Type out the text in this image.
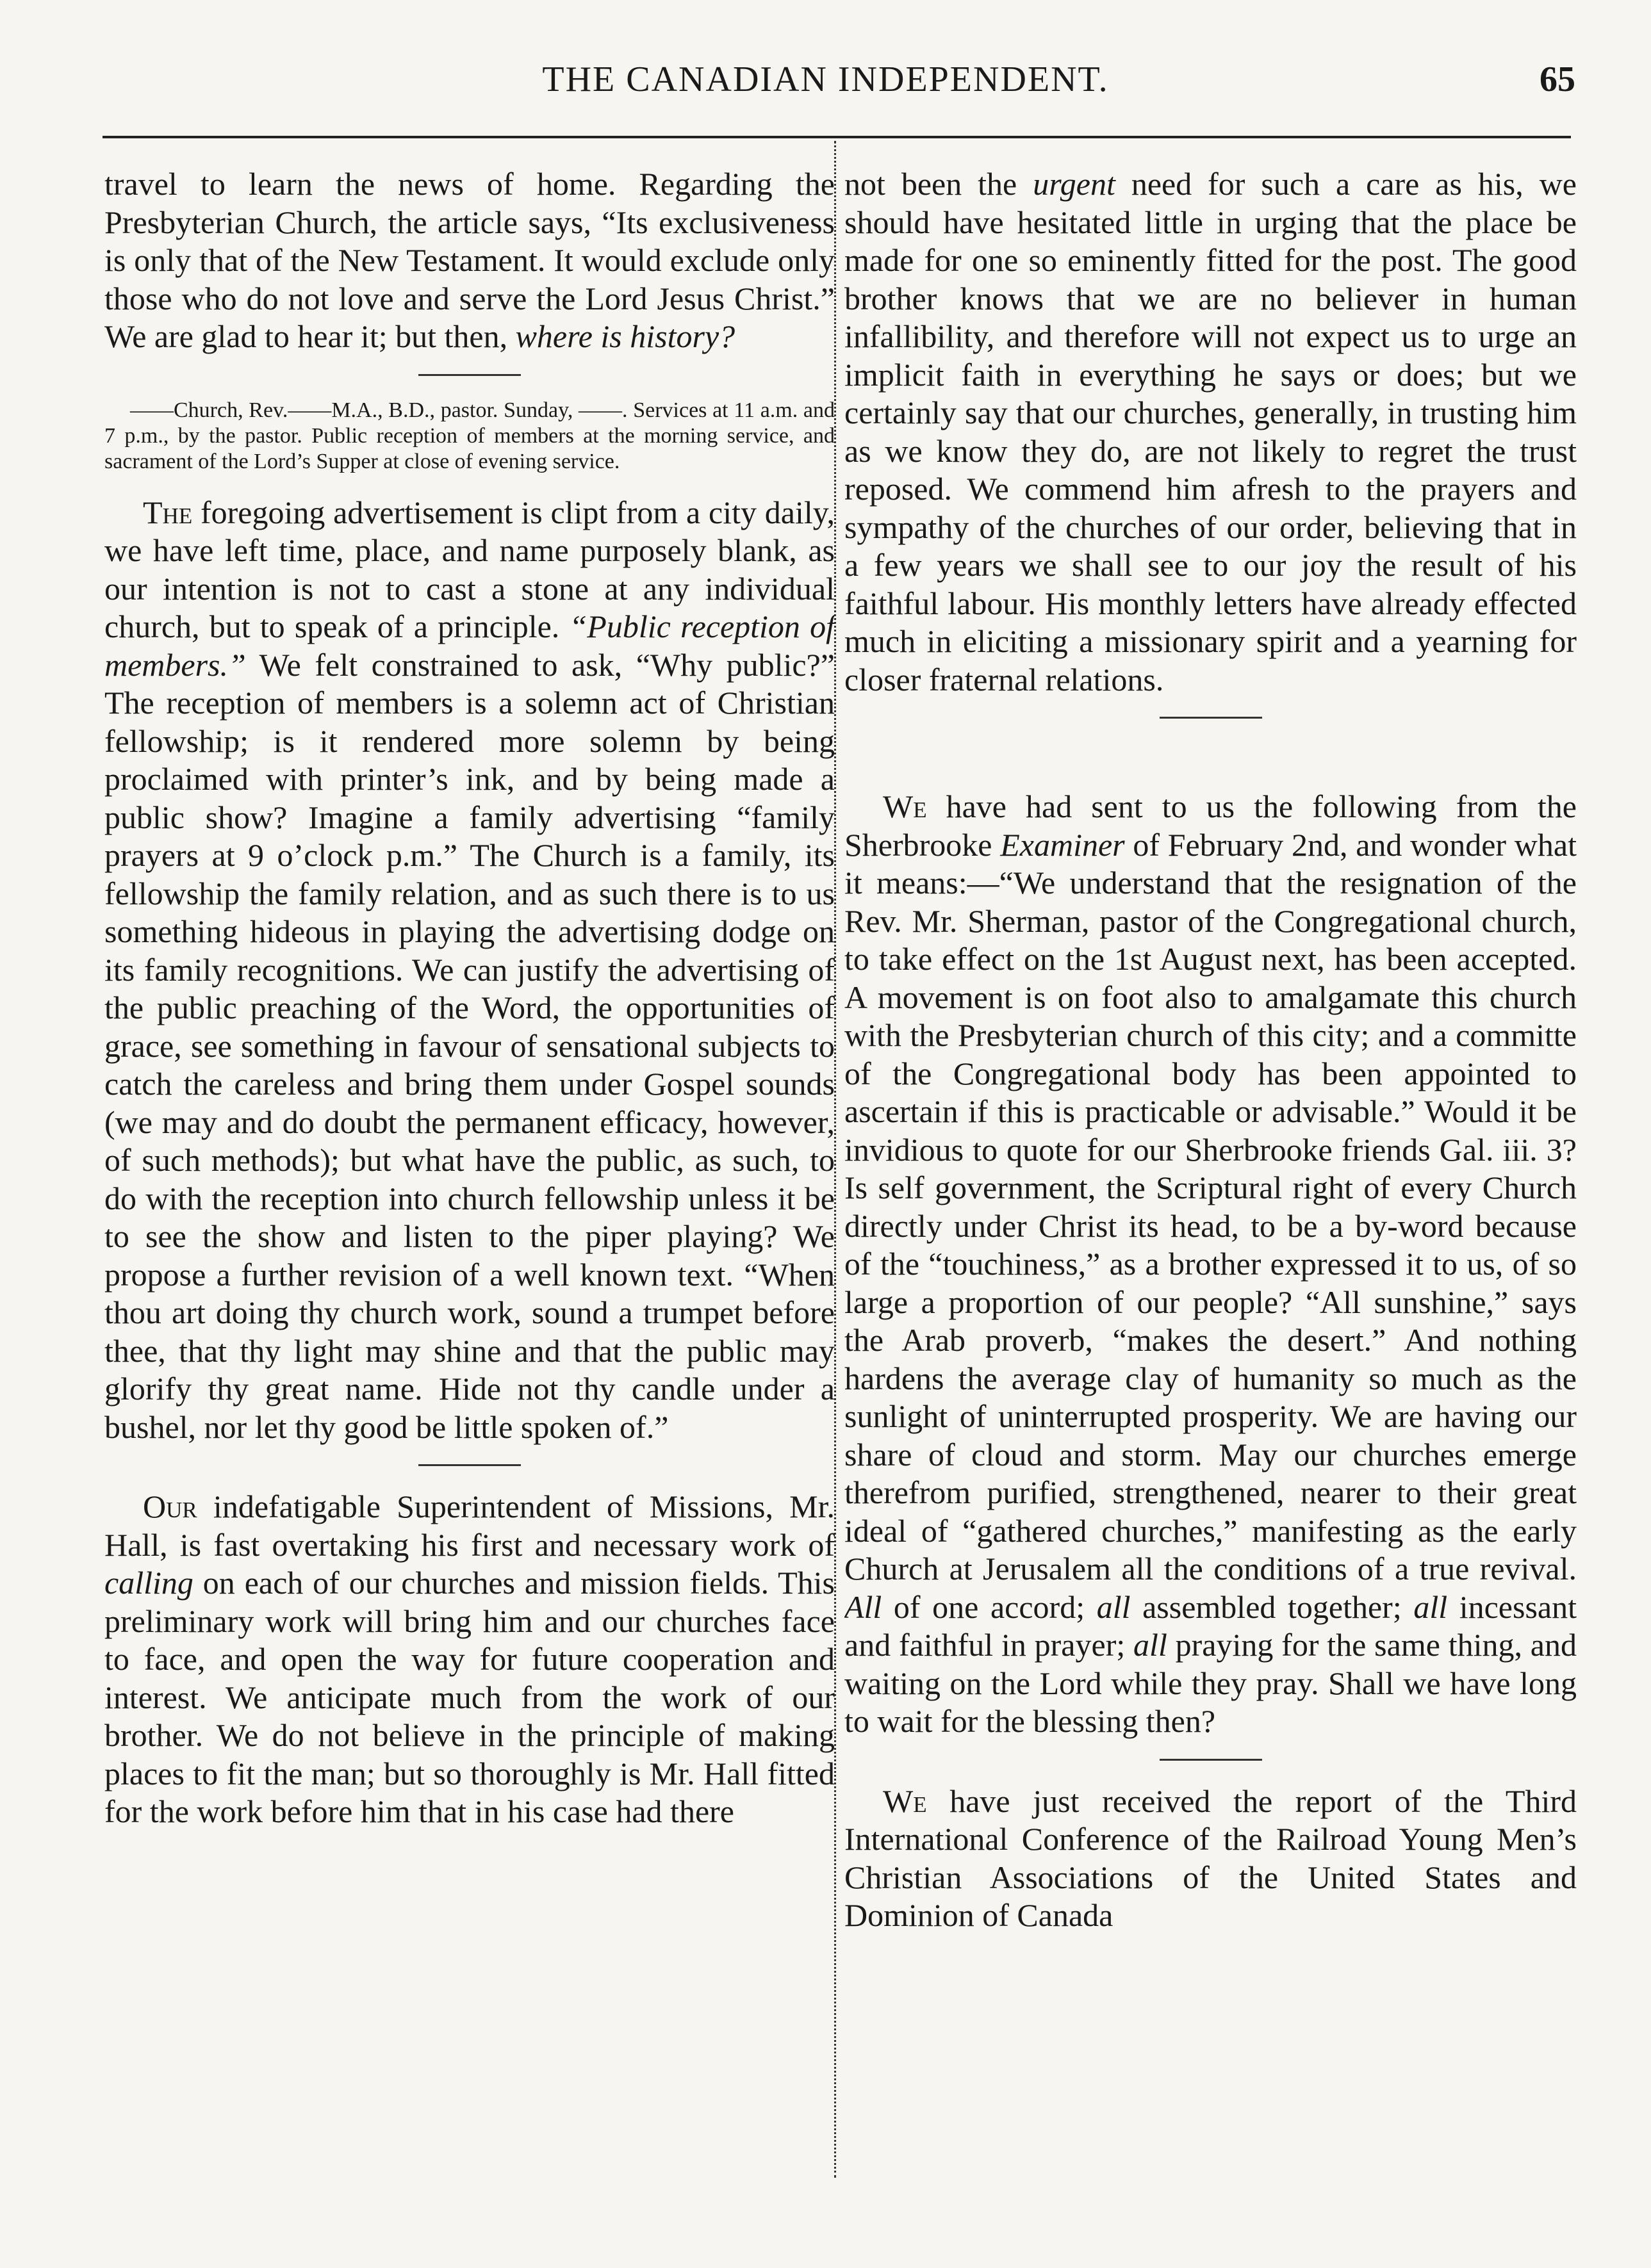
THE CANADIAN INDEPENDENT.	65

travel to learn the news of home. Regarding the Presbyterian Church, the article says, “Its exclusiveness is only that of the New Testament. It would exclude only those who do not love and serve the Lord Jesus Christ.” We are glad to hear it; but then, where is history?

——Church, Rev.——M.A., B.D., pastor. Sunday, ——. Services at 11 a.m. and 7 p.m., by the pastor. Public reception of members at the morning service, and sacrament of the Lord’s Supper at close of evening service.

The foregoing advertisement is clipt from a city daily, we have left time, place, and name purposely blank, as our intention is not to cast a stone at any individual church, but to speak of a principle. “Public reception of members.” We felt constrained to ask, “Why public?” The reception of members is a solemn act of Christian fellowship; is it rendered more solemn by being proclaimed with printer’s ink, and by being made a public show? Imagine a family advertising “family prayers at 9 o’clock p.m.” The Church is a family, its fellowship the family relation, and as such there is to us something hideous in playing the advertising dodge on its family recognitions. We can justify the advertising of the public preaching of the Word, the opportunities of grace, see something in favour of sensational subjects to catch the careless and bring them under Gospel sounds (we may and do doubt the permanent efficacy, however, of such methods); but what have the public, as such, to do with the reception into church fellowship unless it be to see the show and listen to the piper playing? We propose a further revision of a well known text. “When thou art doing thy church work, sound a trumpet before thee, that thy light may shine and that the public may glorify thy great name. Hide not thy candle under a bushel, nor let thy good be little spoken of.”

Our indefatigable Superintendent of Missions, Mr. Hall, is fast overtaking his first and necessary work of calling on each of our churches and mission fields. This preliminary work will bring him and our churches face to face, and open the way for future cooperation and interest. We anticipate much from the work of our brother. We do not believe in the principle of making places to fit the man; but so thoroughly is Mr. Hall fitted for the work before him that in his case had there

not been the urgent need for such a care as his, we should have hesitated little in urging that the place be made for one so eminently fitted for the post. The good brother knows that we are no believer in human infallibility, and therefore will not expect us to urge an implicit faith in everything he says or does; but we certainly say that our churches, generally, in trusting him as we know they do, are not likely to regret the trust reposed. We commend him afresh to the prayers and sympathy of the churches of our order, believing that in a few years we shall see to our joy the result of his faithful labour. His monthly letters have already effected much in eliciting a missionary spirit and a yearning for closer fraternal relations.

We have had sent to us the following from the Sherbrooke Examiner of February 2nd, and wonder what it means:—“We understand that the resignation of the Rev. Mr. Sherman, pastor of the Congregational church, to take effect on the 1st August next, has been accepted. A movement is on foot also to amalgamate this church with the Presbyterian church of this city; and a committe of the Congregational body has been appointed to ascertain if this is practicable or advisable.” Would it be invidious to quote for our Sherbrooke friends Gal. iii. 3? Is self government, the Scriptural right of every Church directly under Christ its head, to be a by-word because of the “touchiness,” as a brother expressed it to us, of so large a proportion of our people? “All sunshine,” says the Arab proverb, “makes the desert.” And nothing hardens the average clay of humanity so much as the sunlight of uninterrupted prosperity. We are having our share of cloud and storm. May our churches emerge therefrom purified, strengthened, nearer to their great ideal of “gathered churches,” manifesting as the early Church at Jerusalem all the conditions of a true revival. All of one accord; all assembled together; all incessant and faithful in prayer; all praying for the same thing, and waiting on the Lord while they pray. Shall we have long to wait for the blessing then?

We have just received the report of the Third International Conference of the Railroad Young Men’s Christian Associations of the United States and Dominion of Canada
